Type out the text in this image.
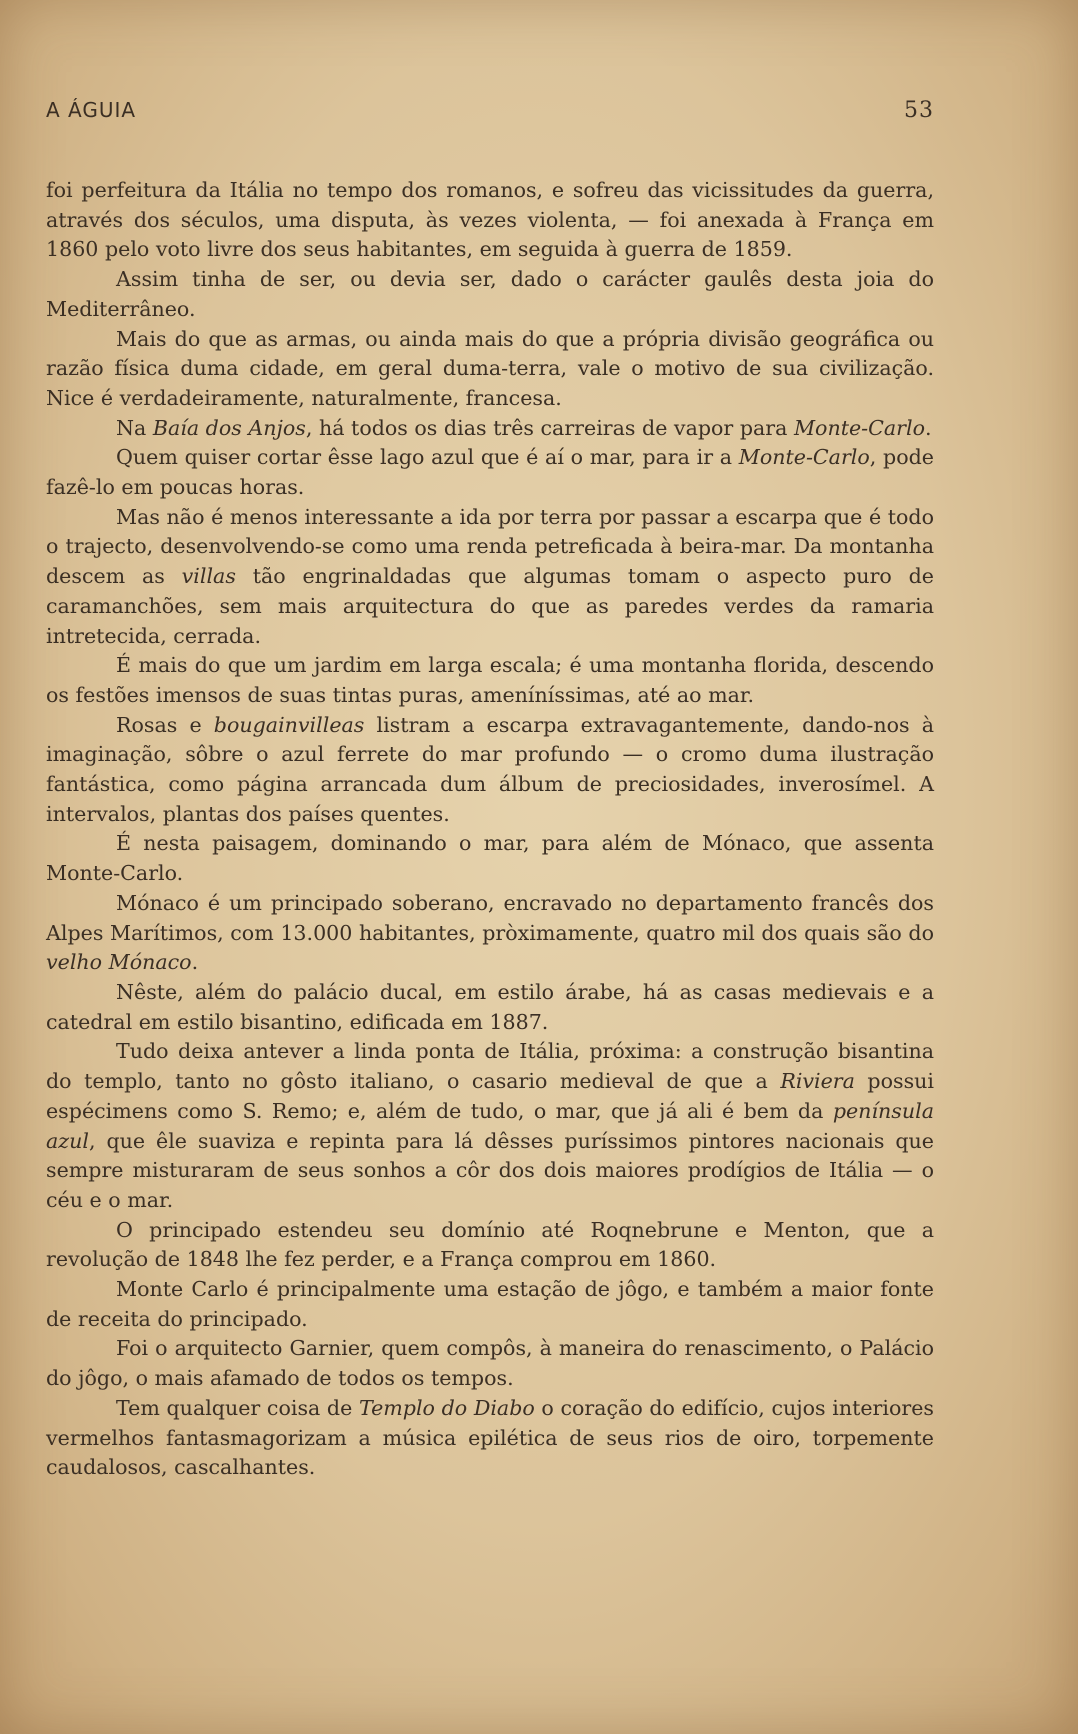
A ÁGUIA	53

foi perfeitura da Itália no tempo dos romanos, e sofreu das vicissitudes da guerra, através dos séculos, uma disputa, às vezes violenta, — foi anexada à França em 1860 pelo voto livre dos seus habitantes, em seguida à guerra de 1859.

Assim tinha de ser, ou devia ser, dado o carácter gaulês desta joia do Mediterrâneo.

Mais do que as armas, ou ainda mais do que a própria divisão geográfica ou razão física duma cidade, em geral duma-terra, vale o motivo de sua civilização. Nice é verdadeiramente, naturalmente, francesa.

Na Baía dos Anjos, há todos os dias três carreiras de vapor para Monte-Carlo.

Quem quiser cortar êsse lago azul que é aí o mar, para ir a Monte-Carlo, pode fazê-lo em poucas horas.

Mas não é menos interessante a ida por terra por passar a escarpa que é todo o trajecto, desenvolvendo-se como uma renda petreficada à beira-mar. Da montanha descem as villas tão engrinaldadas que algumas tomam o aspecto puro de caramanchões, sem mais arquitectura do que as paredes verdes da ramaria intretecida, cerrada.

É mais do que um jardim em larga escala; é uma montanha florida, descendo os festões imensos de suas tintas puras, ameníníssimas, até ao mar.

Rosas e bougainvilleas listram a escarpa extravagantemente, dando-nos à imaginação, sôbre o azul ferrete do mar profundo — o cromo duma ilustração fantástica, como página arrancada dum álbum de preciosidades, inverosímel. A intervalos, plantas dos países quentes.

É nesta paisagem, dominando o mar, para além de Mónaco, que assenta Monte-Carlo.

Mónaco é um principado soberano, encravado no departamento francês dos Alpes Marítimos, com 13.000 habitantes, pròximamente, quatro mil dos quais são do velho Mónaco.

Nêste, além do palácio ducal, em estilo árabe, há as casas medievais e a catedral em estilo bisantino, edificada em 1887.

Tudo deixa antever a linda ponta de Itália, próxima: a construção bisantina do templo, tanto no gôsto italiano, o casario medieval de que a Riviera possui espécimens como S. Remo; e, além de tudo, o mar, que já ali é bem da península azul, que êle suaviza e repinta para lá dêsses puríssimos pintores nacionais que sempre misturaram de seus sonhos a côr dos dois maiores prodígios de Itália — o céu e o mar.

O principado estendeu seu domínio até Roqnebrune e Menton, que a revolução de 1848 lhe fez perder, e a França comprou em 1860.

Monte Carlo é principalmente uma estação de jôgo, e também a maior fonte de receita do principado.

Foi o arquitecto Garnier, quem compôs, à maneira do renascimento, o Palácio do jôgo, o mais afamado de todos os tempos.

Tem qualquer coisa de Templo do Diabo o coração do edifício, cujos interiores vermelhos fantasmagorizam a música epilética de seus rios de oiro, torpemente caudalosos, cascalhantes.
